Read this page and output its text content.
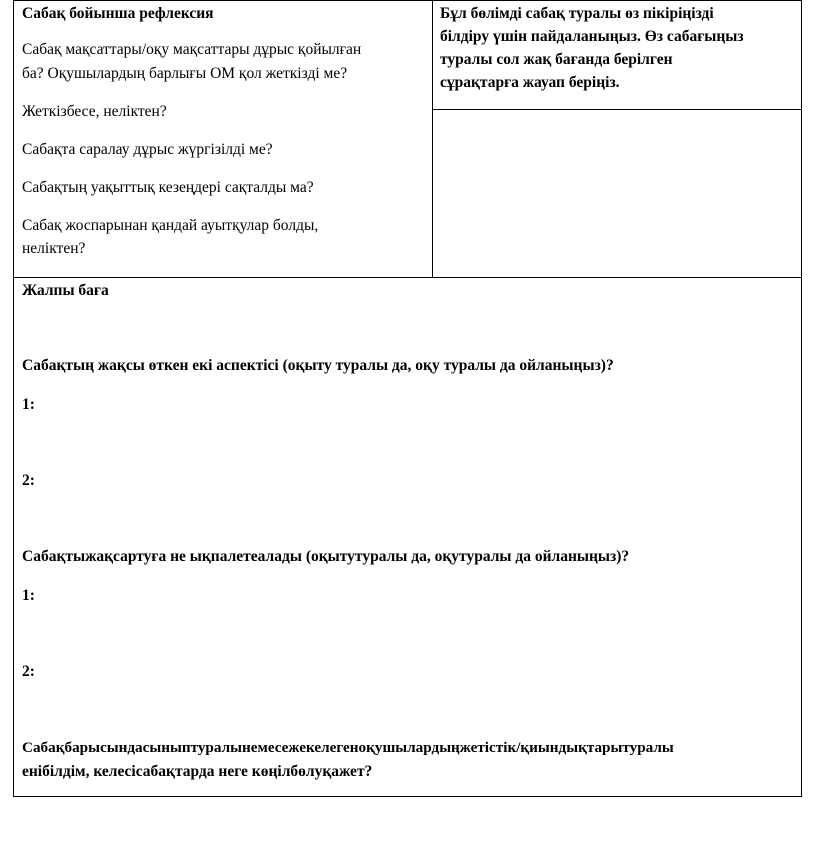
Сабақ бойынша рефлексия
Сабақ мақсаттары/оқу мақсаттары дұрыс қойылған
ба? Оқушылардың барлығы ОМ қол жеткізді ме?
Жеткізбесе, неліктен?
Сабақта саралау дұрыс жүргізілді ме?
Сабақтың уақыттық кезеңдері сақталды ма?
Сабақ жоспарынан қандай ауытқулар болды,
неліктен?
Бұл бөлімді сабақ туралы өз пікіріңізді
білдіру үшін пайдаланыңыз. Өз сабағыңыз
туралы сол жақ бағанда берілген
сұрақтарға жауап беріңіз.
Жалпы баға
Сабақтың жақсы өткен екі аспектісі (оқыту туралы да, оқу туралы да ойланыңыз)?
1:
2:
Сабақтыжақсартуға не ықпалетеалады (оқытутуралы да, оқутуралы да ойланыңыз)?
1:
2:
Сабақбарысындасыныптуралынемесежекелегеноқушылардыңжетістік/қиындықтарытуралы
енібілдім, келесісабақтарда неге көңілбөлуқажет?
